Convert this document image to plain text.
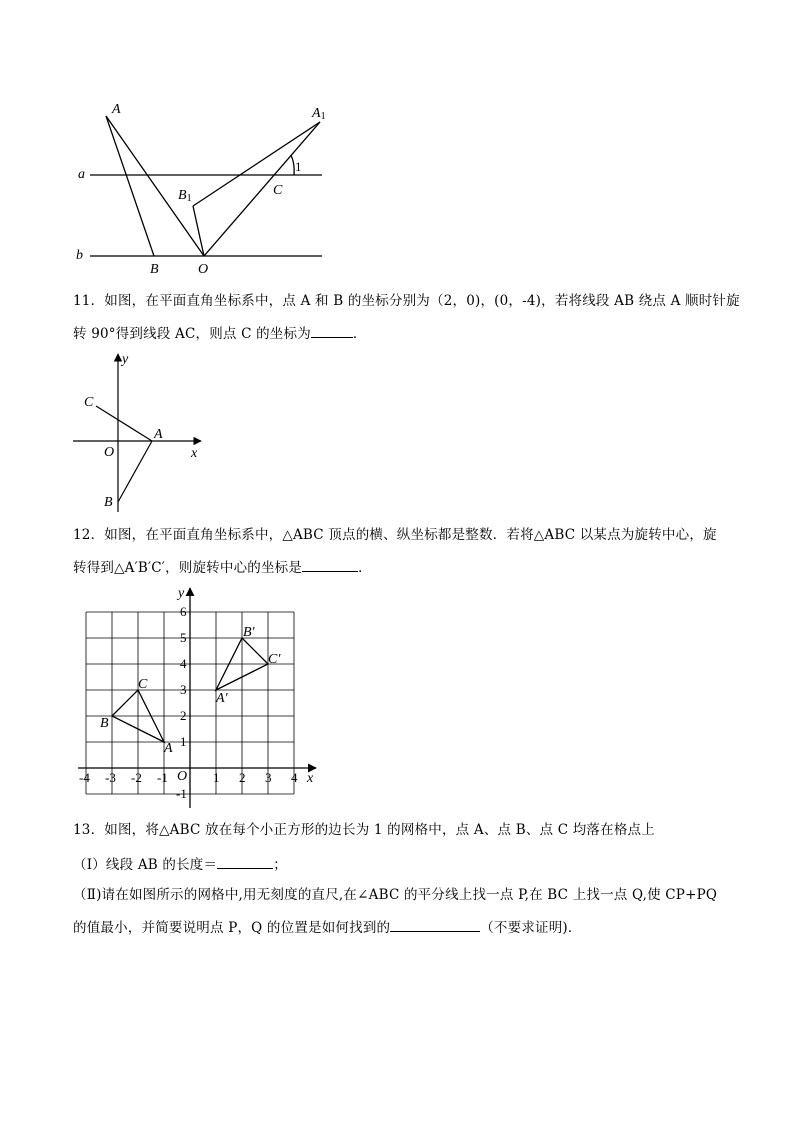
A	A1
a
b
B
B1
C
O
1
11．如图，在平面直角坐标系中，点 A 和 B 的坐标分别为（2，0)，(0，-4)，若将线段 AB 绕点 A 顺时针旋
转 90°得到线段 AC，则点 C 的坐标为	．
y
x
C
A
O
B
12．如图，在平面直角坐标系中，△ABC 顶点的横、纵坐标都是整数．若将△ABC 以某点为旋转中心，旋
转得到△A′B′C′，则旋转中心的坐标是	．
-4 -3 -2 -1	1 2 3 4
6
5
4
3
2
1
-1
y
x
O
A
B
C
A′
B′
C′
13．如图，将△ABC 放在每个小正方形的边长为 1 的网格中，点 A、点 B、点 C 均落在格点上
（Ⅰ）线段 AB 的长度＝	；
（Ⅱ)请在如图所示的网格中,用无刻度的直尺,在∠ABC 的平分线上找一点 P,在 BC 上找一点 Q,使 CP+PQ
的值最小，并简要说明点 P，Q 的位置是如何找到的	（不要求证明)．
